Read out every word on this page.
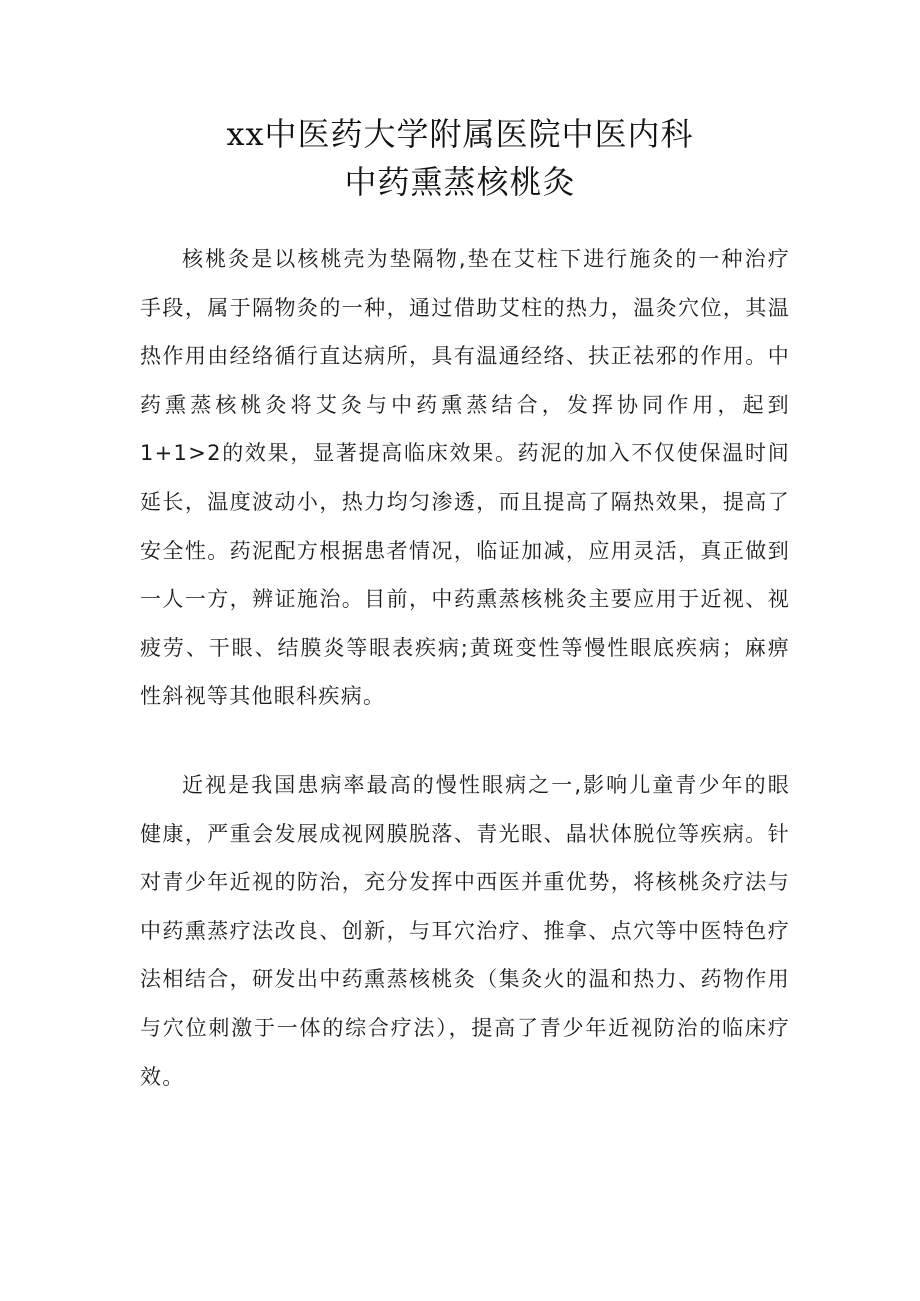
xx中医药大学附属医院中医内科
中药熏蒸核桃灸

核桃灸是以核桃壳为垫隔物,垫在艾柱下进行施灸的一种治疗手段，属于隔物灸的一种，通过借助艾柱的热力，温灸穴位，其温热作用由经络循行直达病所，具有温通经络、扶正祛邪的作用。中药熏蒸核桃灸将艾灸与中药熏蒸结合，发挥协同作用，起到1+1>2的效果，显著提高临床效果。药泥的加入不仅使保温时间延长，温度波动小，热力均匀渗透，而且提高了隔热效果，提高了安全性。药泥配方根据患者情况，临证加减，应用灵活，真正做到一人一方，辨证施治。目前，中药熏蒸核桃灸主要应用于近视、视疲劳、干眼、结膜炎等眼表疾病;黄斑变性等慢性眼底疾病；麻痹性斜视等其他眼科疾病。

近视是我国患病率最高的慢性眼病之一,影响儿童青少年的眼健康，严重会发展成视网膜脱落、青光眼、晶状体脱位等疾病。针对青少年近视的防治，充分发挥中西医并重优势，将核桃灸疗法与中药熏蒸疗法改良、创新，与耳穴治疗、推拿、点穴等中医特色疗法相结合，研发出中药熏蒸核桃灸（集灸火的温和热力、药物作用与穴位刺激于一体的综合疗法），提高了青少年近视防治的临床疗效。
